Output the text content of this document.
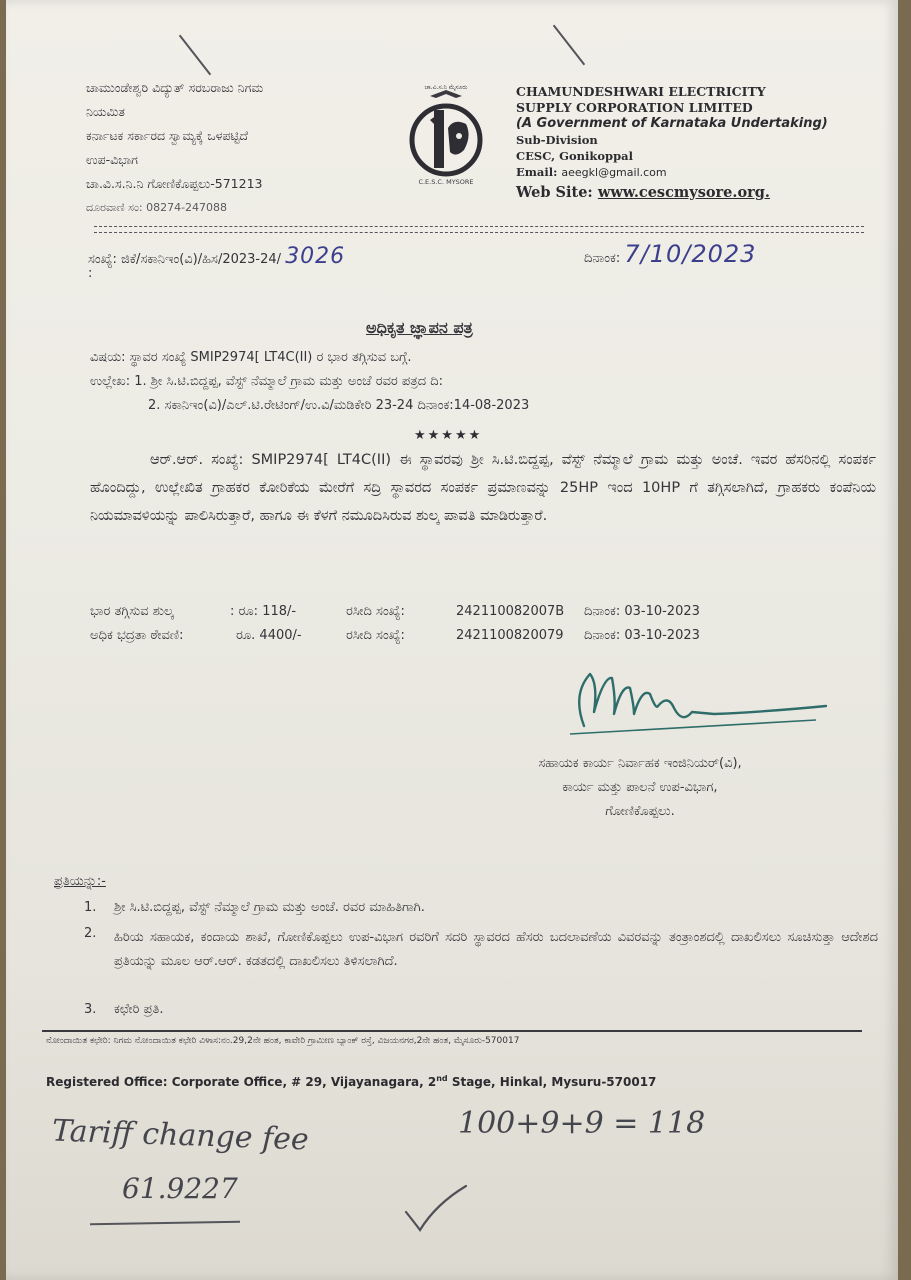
ಚಾಮುಂಡೇಶ್ವರಿ ವಿದ್ಯುತ್ ಸರಬರಾಜು ನಿಗಮ
ನಿಯಮಿತ
ಕರ್ನಾಟಕ ಸರ್ಕಾರದ ಸ್ವಾಮ್ಯಕ್ಕೆ ಒಳಪಟ್ಟಿದೆ
ಉಪ-ವಿಭಾಗ
ಚಾ.ವಿ.ಸ.ನಿ.ನಿ ಗೋಣಿಕೊಪ್ಪಲು-571213
ದೂರವಾಣಿ ಸಂ: 08274-247088
ಚಾ.ವಿ.ಸ.ನಿ ಮೈಸೂರು
C.E.S.C. MYSORE
CHAMUNDESHWARI ELECTRICITY
SUPPLY CORPORATION LIMITED
(A Government of Karnataka Undertaking)
Sub-Division
CESC, Gonikoppal
Email: aeegkl@gmail.com
Web Site: www.cescmysore.org.
ಸಂಖ್ಯೆ: ಜಿಕೆ/ಸಕಾನಿಇಂ(ವಿ)/ಹಿಸ/2023-24/ 3026
:
ದಿನಾಂಕ: 7/10/2023
ಅಧಿಕೃತ ಜ್ಞಾಪನ ಪತ್ರ
ವಿಷಯ: ಸ್ಥಾವರ ಸಂಖ್ಯೆ SMIP2974[ LT4C(II) ರ ಭಾರ ತಗ್ಗಿಸುವ ಬಗ್ಗೆ.
ಉಲ್ಲೇಖ: 1. ಶ್ರೀ ಸಿ.ಟಿ.ಬಿದ್ದಪ್ಪ, ವೆಸ್ಟ್ ನೆಮ್ಮಾಲೆ ಗ್ರಾಮ ಮತ್ತು ಅಂಚೆ ರವರ ಪತ್ರದ ದಿ:
2. ಸಕಾನಿಇಂ(ವಿ)/ಎಲ್.ಟಿ.ರೇಟಿಂಗ್/ಉ.ವಿ/ಮಡಿಕೇರಿ 23-24 ದಿನಾಂಕ:14-08-2023
★★★★★
ಆರ್.ಆರ್. ಸಂಖ್ಯೆ: SMIP2974[ LT4C(II) ಈ ಸ್ಥಾವರವು ಶ್ರೀ ಸಿ.ಟಿ.ಬಿದ್ದಪ್ಪ, ವೆಸ್ಟ್ ನೆಮ್ಮಾಲೆ ಗ್ರಾಮ ಮತ್ತು ಅಂಚೆ. ಇವರ ಹೆಸರಿನಲ್ಲಿ ಸಂಪರ್ಕ ಹೊಂದಿದ್ದು, ಉಲ್ಲೇಖಿತ ಗ್ರಾಹಕರ ಕೋರಿಕೆಯ ಮೇರೆಗೆ ಸದ್ರಿ ಸ್ಥಾವರದ ಸಂಪರ್ಕ ಪ್ರಮಾಣವನ್ನು 25HP ಇಂದ 10HP ಗೆ ತಗ್ಗಿಸಲಾಗಿದೆ, ಗ್ರಾಹಕರು ಕಂಪೆನಿಯ ನಿಯಮಾವಳಿಯನ್ನು ಪಾಲಿಸಿರುತ್ತಾರೆ, ಹಾಗೂ ಈ ಕೆಳಗೆ ನಮೂದಿಸಿರುವ ಶುಲ್ಕ ಪಾವತಿ ಮಾಡಿರುತ್ತಾರೆ.
ಭಾರ ತಗ್ಗಿಸುವ ಶುಲ್ಕ	: ರೂ: 118/-	ರಸೀದಿ ಸಂಖ್ಯೆ:	242110082007B ದಿನಾಂಕ: 03-10-2023
ಅಧಿಕ ಭದ್ರತಾ ಠೇವಣಿ:	ರೂ. 4400/-	ರಸೀದಿ ಸಂಖ್ಯೆ:	2421100820079 ದಿನಾಂಕ: 03-10-2023
ಸಹಾಯಕ ಕಾರ್ಯ ನಿರ್ವಾಹಕ ಇಂಜಿನಿಯರ್(ವಿ),
ಕಾರ್ಯ ಮತ್ತು ಪಾಲನೆ ಉಪ-ವಿಭಾಗ,
ಗೋಣಿಕೊಪ್ಪಲು.
ಪ್ರತಿಯನ್ನು:-
1. ಶ್ರೀ ಸಿ.ಟಿ.ಬಿದ್ದಪ್ಪ, ವೆಸ್ಟ್ ನೆಮ್ಮಾಲೆ ಗ್ರಾಮ ಮತ್ತು ಅಂಚೆ. ರವರ ಮಾಹಿತಿಗಾಗಿ.
2. ಹಿರಿಯ ಸಹಾಯಕ, ಕಂದಾಯ ಶಾಖೆ, ಗೋಣಿಕೊಪ್ಪಲು ಉಪ-ವಿಭಾಗ ರವರಿಗೆ ಸದರಿ ಸ್ಥಾವರದ ಹೆಸರು ಬದಲಾವಣೆಯ ವಿವರವನ್ನು ತಂತ್ರಾಂಶದಲ್ಲಿ ದಾಖಲಿಸಲು ಸೂಚಿಸುತ್ತಾ ಆದೇಶದ ಪ್ರತಿಯನ್ನು ಮೂಲ ಆರ್.ಆರ್. ಕಡತದಲ್ಲಿ ದಾಖಲಿಸಲು ತಿಳಿಸಲಾಗಿದೆ.
3. ಕಛೇರಿ ಪ್ರತಿ.
ನೋಂದಾಯಿತ ಕಛೇರಿ: ನಿಗಮ ನೋಂದಾಯಿತ ಕಛೇರಿ ವಿಳಾಸ:ನಂ.29,2ನೇ ಹಂತ, ಕಾವೇರಿ ಗ್ರಾಮೀಣ ಬ್ಯಾಂಕ್ ರಸ್ತೆ, ವಿಜಯನಗರ,2ನೇ ಹಂತ, ಮೈಸೂರು-570017
Registered Office: Corporate Office, # 29, Vijayanagara, 2nd Stage, Hinkal, Mysuru-570017
Tariff change fee	100+9+9 = 118
61.9227
